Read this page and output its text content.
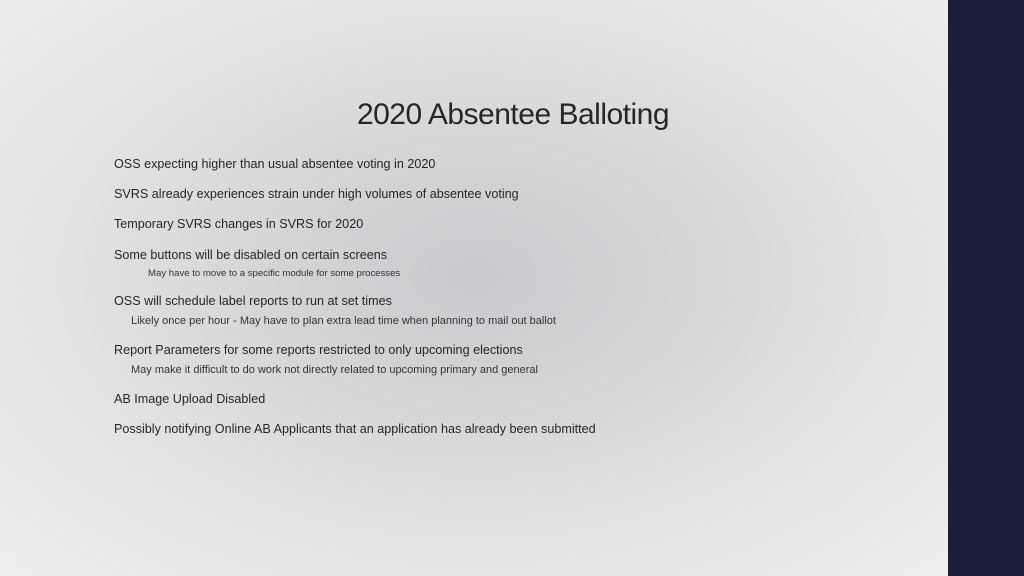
2020 Absentee Balloting
OSS expecting higher than usual absentee voting in 2020
SVRS already experiences strain under high volumes of absentee voting
Temporary SVRS changes in SVRS for 2020
Some buttons will be disabled on certain screens
May have to move to a specific module for some processes
OSS will schedule label reports to run at set times
Likely once per hour - May have to plan extra lead time when planning to mail out ballot
Report Parameters for some reports restricted to only upcoming elections
May make it difficult to do work not directly related to upcoming primary and general
AB Image Upload Disabled
Possibly notifying Online AB Applicants that an application has already been submitted
